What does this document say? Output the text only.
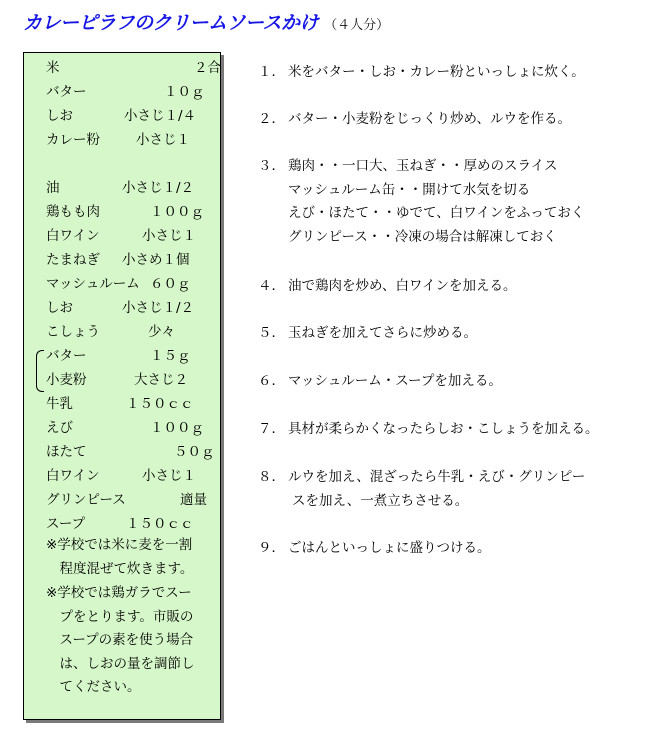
カレーピラフのクリームソースかけ （４人分）
米	２合
バター	１０ｇ
しお	小さじ１/４
カレー粉	小さじ１
油	小さじ１/２
鶏もも肉	１００ｇ
白ワイン	小さじ１
たまねぎ 小さめ１個
マッシュルーム ６０ｇ
しお	小さじ１/２
こしょう	少々
バター	１５ｇ
小麦粉	大さじ２
牛乳	１５０ｃｃ
えび	１００ｇ
ほたて	５０ｇ
白ワイン	小さじ１
グリンピース	適量
スープ	１５０ｃｃ
※学校では米に麦を一割
　程度混ぜて炊きます。
※学校では鶏ガラでスー
　プをとります。市販の
　スープの素を使う場合
　は、しおの量を調節し
　てください。
１． 米をバター・しお・カレー粉といっしょに炊く。
２． バター・小麦粉をじっくり炒め、ルウを作る。
３． 鶏肉・・一口大、玉ねぎ・・厚めのスライス
マッシュルーム缶・・開けて水気を切る
えび・ほたて・・ゆでて、白ワインをふっておく
グリンピース・・冷凍の場合は解凍しておく
４． 油で鶏肉を炒め、白ワインを加える。
５． 玉ねぎを加えてさらに炒める。
６． マッシュルーム・スープを加える。
７． 具材が柔らかくなったらしお・こしょうを加える。
８． ルウを加え、混ざったら牛乳・えび・グリンピー
スを加え、一煮立ちさせる。
９． ごはんといっしょに盛りつける。
